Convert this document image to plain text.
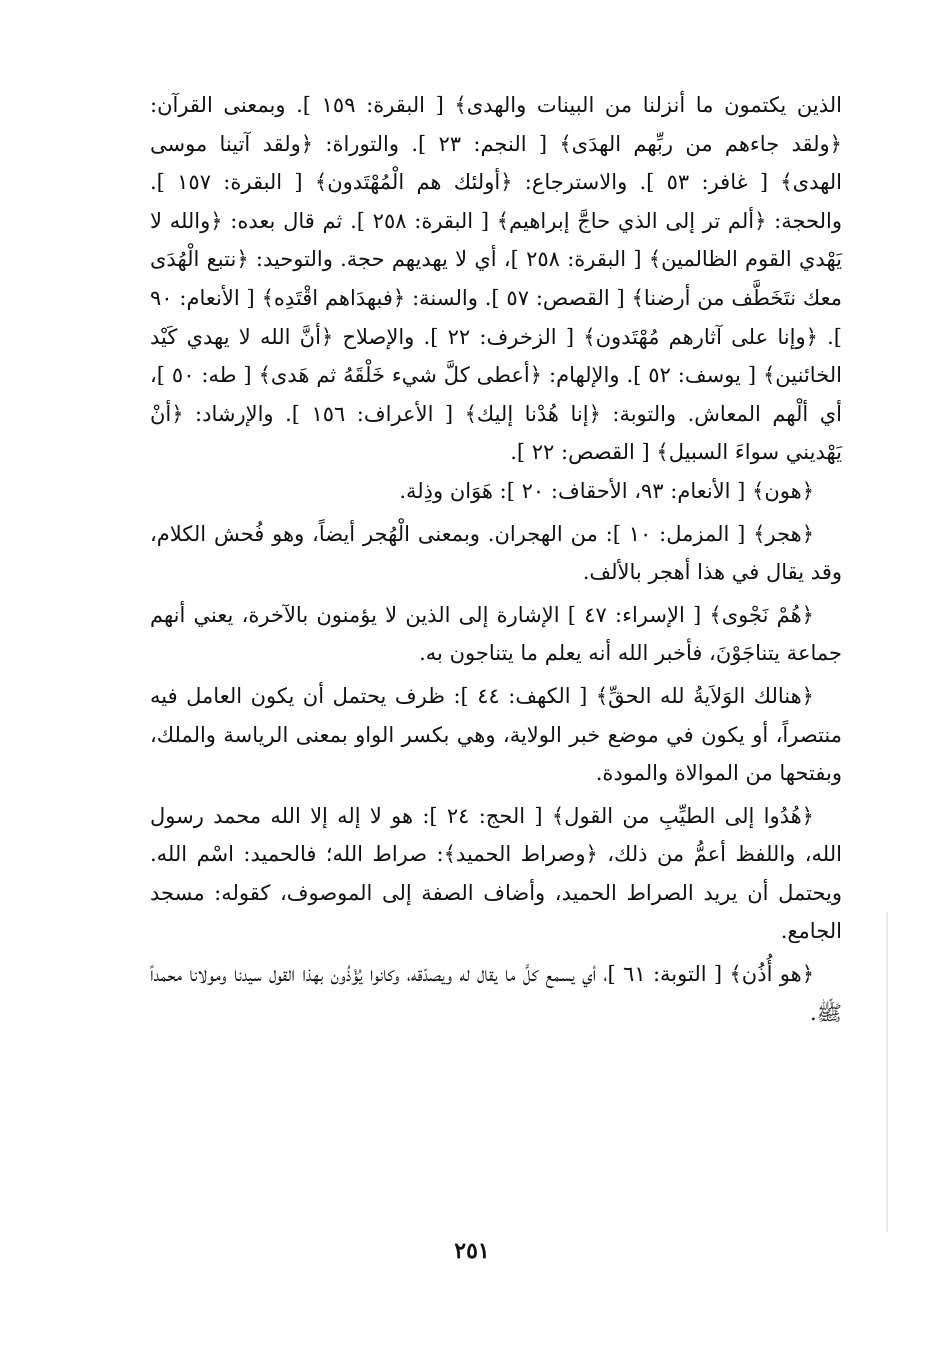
الذين يكتمون ما أنزلنا من البينات والهدى﴾ [ البقرة: ١٥٩ ]. وبمعنى القرآن: ﴿ولقد جاءهم من ربِّهم الهدَى﴾ [ النجم: ٢٣ ]. والتوراة: ﴿ولقد آتينا موسى الهدى﴾ [ غافر: ٥٣ ]. والاسترجاع: ﴿أولئك هم الْمُهْتَدون﴾ [ البقرة: ١٥٧ ]. والحجة: ﴿ألم تر إلى الذي حاجَّ إبراهيم﴾ [ البقرة: ٢٥٨ ]. ثم قال بعده: ﴿والله لا يَهْدي القوم الظالمين﴾ [ البقرة: ٢٥٨ ]، أي لا يهديهم حجة. والتوحيد: ﴿نتبع الْهُدَى معك نتَخَطَّف من أرضنا﴾ [ القصص: ٥٧ ]. والسنة: ﴿فبهدَاهم اقْتَدِه﴾ [ الأنعام: ٩٠ ]. ﴿وإنا على آثارهم مُهْتَدون﴾ [ الزخرف: ٢٢ ]. والإصلاح ﴿أنَّ الله لا يهدي كَيْد الخائنين﴾ [ يوسف: ٥٢ ]. والإلهام: ﴿أعطى كلَّ شيء خَلْقَهُ ثم هَدى﴾ [ طه: ٥٠ ]، أي ألْهم المعاش. والتوبة: ﴿إنا هُدْنا إليك﴾ [ الأعراف: ١٥٦ ]. والإرشاد: ﴿أنْ يَهْديني سواءَ السبيل﴾ [ القصص: ٢٢ ].

﴿هون﴾ [ الأنعام: ٩٣، الأحقاف: ٢٠ ]: هَوَان وذِلة.

﴿هجر﴾ [ المزمل: ١٠ ]: من الهجران. وبمعنى الْهُجر أيضاً، وهو فُحش الكلام، وقد يقال في هذا أهجر بالألف.

﴿هُمْ نَجْوى﴾ [ الإسراء: ٤٧ ] الإشارة إلى الذين لا يؤمنون بالآخرة، يعني أنهم جماعة يتناجَوْنَ، فأخبر الله أنه يعلم ما يتناجون به.

﴿هنالك الوَلاَيةُ لله الحقِّ﴾ [ الكهف: ٤٤ ]: ظرف يحتمل أن يكون العامل فيه منتصراً، أو يكون في موضع خبر الولاية، وهي بكسر الواو بمعنى الرياسة والملك، وبفتحها من الموالاة والمودة.

﴿هُدُوا إلى الطيِّبِ من القول﴾ [ الحج: ٢٤ ]: هو لا إله إلا الله محمد رسول الله، واللفظ أعمُّ من ذلك، ﴿وصراط الحميد﴾: صراط الله؛ فالحميد: اسْم الله. ويحتمل أن يريد الصراط الحميد، وأضاف الصفة إلى الموصوف، كقوله: مسجد الجامع.

﴿هو أُذُن﴾ [ التوبة: ٦١ ]، أي يسمع كلَّ ما يقال له ويصدّقه، وكانوا يُؤْذُون بهذا القول سيدنا ومولانا محمداً ﷺ.

٢٥١
